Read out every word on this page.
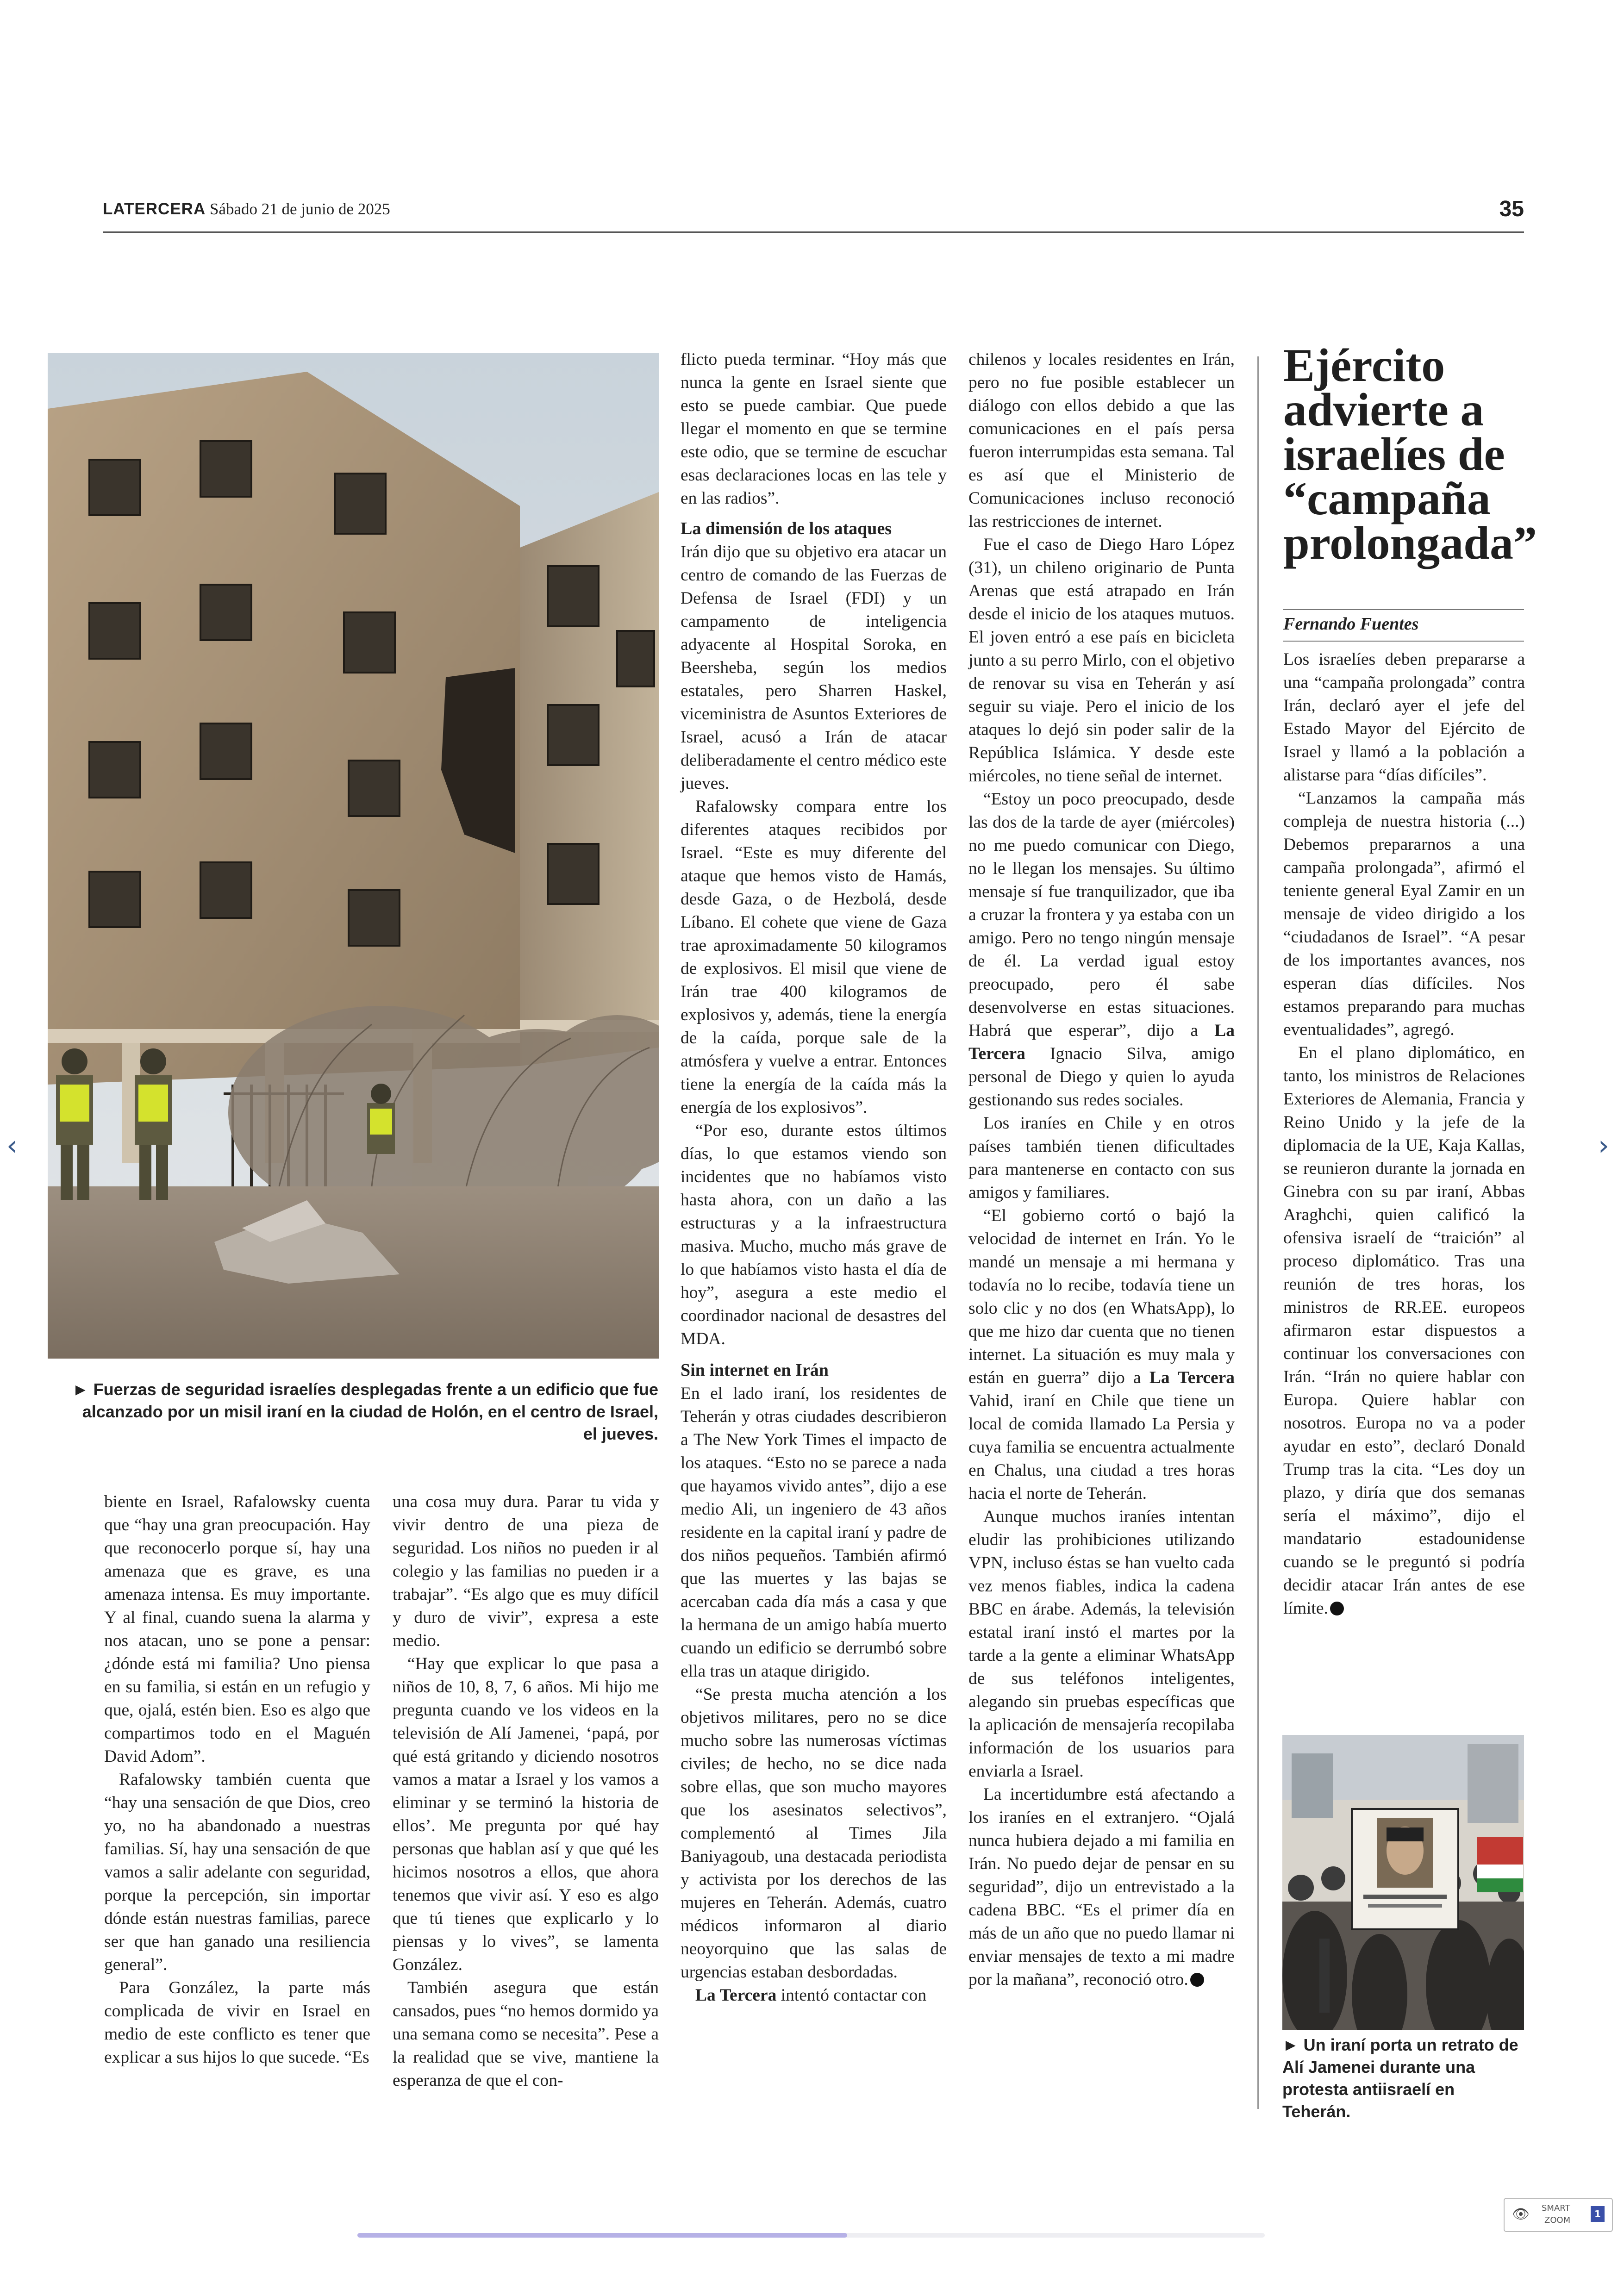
LATERCERA Sábado 21 de junio de 2025	35
► Fuerzas de seguridad israelíes desplegadas frente a un edificio que fue alcanzado por un misil iraní en la ciudad de Holón, en el centro de Israel, el jueves.

biente en Israel, Rafalowsky cuenta que “hay una gran preocupación. Hay que reconocerlo porque sí, hay una amenaza que es grave, es una amenaza intensa. Es muy importante. Y al final, cuando suena la alarma y nos atacan, uno se pone a pensar: ¿dónde está mi familia? Uno piensa en su familia, si están en un refugio y que, ojalá, estén bien. Eso es algo que compartimos todo en el Maguén David Adom”.

Rafalowsky también cuenta que “hay una sensación de que Dios, creo yo, no ha abandonado a nuestras familias. Sí, hay una sensación de que vamos a salir adelante con seguridad, porque la percepción, sin importar dónde están nuestras familias, parece ser que han ganado una resiliencia general”.

Para González, la parte más complicada de vivir en Israel en medio de este conflicto es tener que explicar a sus hijos lo que sucede. “Es

una cosa muy dura. Parar tu vida y vivir dentro de una pieza de seguridad. Los niños no pueden ir al colegio y las familias no pueden ir a trabajar”. “Es algo que es muy difícil y duro de vivir”, expresa a este medio.

“Hay que explicar lo que pasa a niños de 10, 8, 7, 6 años. Mi hijo me pregunta cuando ve los videos en la televisión de Alí Jamenei, ‘papá, por qué está gritando y diciendo nosotros vamos a matar a Israel y los vamos a eliminar y se terminó la historia de ellos’. Me pregunta por qué hay personas que hablan así y que qué les hicimos nosotros a ellos, que ahora tenemos que vivir así. Y eso es algo que tú tienes que explicarlo y lo piensas y lo vives”, se lamenta González.

También asegura que están cansados, pues “no hemos dormido ya una semana como se necesita”. Pese a la realidad que se vive, mantiene la esperanza de que el con-

flicto pueda terminar. “Hoy más que nunca la gente en Israel siente que esto se puede cambiar. Que puede llegar el momento en que se termine este odio, que se termine de escuchar esas declaraciones locas en las tele y en las radios”.

La dimensión de los ataques

Irán dijo que su objetivo era atacar un centro de comando de las Fuerzas de Defensa de Israel (FDI) y un campamento de inteligencia adyacente al Hospital Soroka, en Beersheba, según los medios estatales, pero Sharren Haskel, viceministra de Asuntos Exteriores de Israel, acusó a Irán de atacar deliberadamente el centro médico este jueves.

Rafalowsky compara entre los diferentes ataques recibidos por Israel. “Este es muy diferente del ataque que hemos visto de Hamás, desde Gaza, o de Hezbolá, desde Líbano. El cohete que viene de Gaza trae aproximadamente 50 kilogramos de explosivos. El misil que viene de Irán trae 400 kilogramos de explosivos y, además, tiene la energía de la caída, porque sale de la atmósfera y vuelve a entrar. Entonces tiene la energía de la caída más la energía de los explosivos”.

“Por eso, durante estos últimos días, lo que estamos viendo son incidentes que no habíamos visto hasta ahora, con un daño a las estructuras y a la infraestructura masiva. Mucho, mucho más grave de lo que habíamos visto hasta el día de hoy”, asegura a este medio el coordinador nacional de desastres del MDA.

Sin internet en Irán

En el lado iraní, los residentes de Teherán y otras ciudades describieron a The New York Times el impacto de los ataques. “Esto no se parece a nada que hayamos vivido antes”, dijo a ese medio Ali, un ingeniero de 43 años residente en la capital iraní y padre de dos niños pequeños. También afirmó que las muertes y las bajas se acercaban cada día más a casa y que la hermana de un amigo había muerto cuando un edificio se derrumbó sobre ella tras un ataque dirigido.

“Se presta mucha atención a los objetivos militares, pero no se dice mucho sobre las numerosas víctimas civiles; de hecho, no se dice nada sobre ellas, que son mucho mayores que los asesinatos selectivos”, complementó al Times Jila Baniyagoub, una destacada periodista y activista por los derechos de las mujeres en Teherán. Además, cuatro médicos informaron al diario neoyorquino que las salas de urgencias estaban desbordadas.

La Tercera intentó contactar con

chilenos y locales residentes en Irán, pero no fue posible establecer un diálogo con ellos debido a que las comunicaciones en el país persa fueron interrumpidas esta semana. Tal es así que el Ministerio de Comunicaciones incluso reconoció las restricciones de internet.

Fue el caso de Diego Haro López (31), un chileno originario de Punta Arenas que está atrapado en Irán desde el inicio de los ataques mutuos. El joven entró a ese país en bicicleta junto a su perro Mirlo, con el objetivo de renovar su visa en Teherán y así seguir su viaje. Pero el inicio de los ataques lo dejó sin poder salir de la República Islámica. Y desde este miércoles, no tiene señal de internet.

“Estoy un poco preocupado, desde las dos de la tarde de ayer (miércoles) no me puedo comunicar con Diego, no le llegan los mensajes. Su último mensaje sí fue tranquilizador, que iba a cruzar la frontera y ya estaba con un amigo. Pero no tengo ningún mensaje de él. La verdad igual estoy preocupado, pero él sabe desenvolverse en estas situaciones. Habrá que esperar”, dijo a La Tercera Ignacio Silva, amigo personal de Diego y quien lo ayuda gestionando sus redes sociales.

Los iraníes en Chile y en otros países también tienen dificultades para mantenerse en contacto con sus amigos y familiares.

“El gobierno cortó o bajó la velocidad de internet en Irán. Yo le mandé un mensaje a mi hermana y todavía no lo recibe, todavía tiene un solo clic y no dos (en WhatsApp), lo que me hizo dar cuenta que no tienen internet. La situación es muy mala y están en guerra” dijo a La Tercera Vahid, iraní en Chile que tiene un local de comida llamado La Persia y cuya familia se encuentra actualmente en Chalus, una ciudad a tres horas hacia el norte de Teherán.

Aunque muchos iraníes intentan eludir las prohibiciones utilizando VPN, incluso éstas se han vuelto cada vez menos fiables, indica la cadena BBC en árabe. Además, la televisión estatal iraní instó el martes por la tarde a la gente a eliminar WhatsApp de sus teléfonos inteligentes, alegando sin pruebas específicas que la aplicación de mensajería recopilaba información de los usuarios para enviarla a Israel.

La incertidumbre está afectando a los iraníes en el extranjero. “Ojalá nunca hubiera dejado a mi familia en Irán. No puedo dejar de pensar en su seguridad”, dijo un entrevistado a la cadena BBC. “Es el primer día en más de un año que no puedo llamar ni enviar mensajes de texto a mi madre por la mañana”, reconoció otro.

Ejército advierte a israelíes de “campaña prolongada”
Fernando Fuentes

Los israelíes deben prepararse a una “campaña prolongada” contra Irán, declaró ayer el jefe del Estado Mayor del Ejército de Israel y llamó a la población a alistarse para “días difíciles”.

“Lanzamos la campaña más compleja de nuestra historia (...) Debemos prepararnos a una campaña prolongada”, afirmó el teniente general Eyal Zamir en un mensaje de video dirigido a los “ciudadanos de Israel”. “A pesar de los importantes avances, nos esperan días difíciles. Nos estamos preparando para muchas eventualidades”, agregó.

En el plano diplomático, en tanto, los ministros de Relaciones Exteriores de Alemania, Francia y Reino Unido y la jefe de la diplomacia de la UE, Kaja Kallas, se reunieron durante la jornada en Ginebra con su par iraní, Abbas Araghchi, quien calificó la ofensiva israelí de “traición” al proceso diplomático. Tras una reunión de tres horas, los ministros de RR.EE. europeos afirmaron estar dispuestos a continuar los conversaciones con Irán. “Irán no quiere hablar con Europa. Quiere hablar con nosotros. Europa no va a poder ayudar en esto”, declaró Donald Trump tras la cita. “Les doy un plazo, y diría que dos semanas sería el máximo”, dijo el mandatario estadounidense cuando se le preguntó si podría decidir atacar Irán antes de ese límite.

► Un iraní porta un retrato de Alí Jamenei durante una protesta antiisraelí en Teherán.
‹	›
👁 SMART
ZOOM
1
